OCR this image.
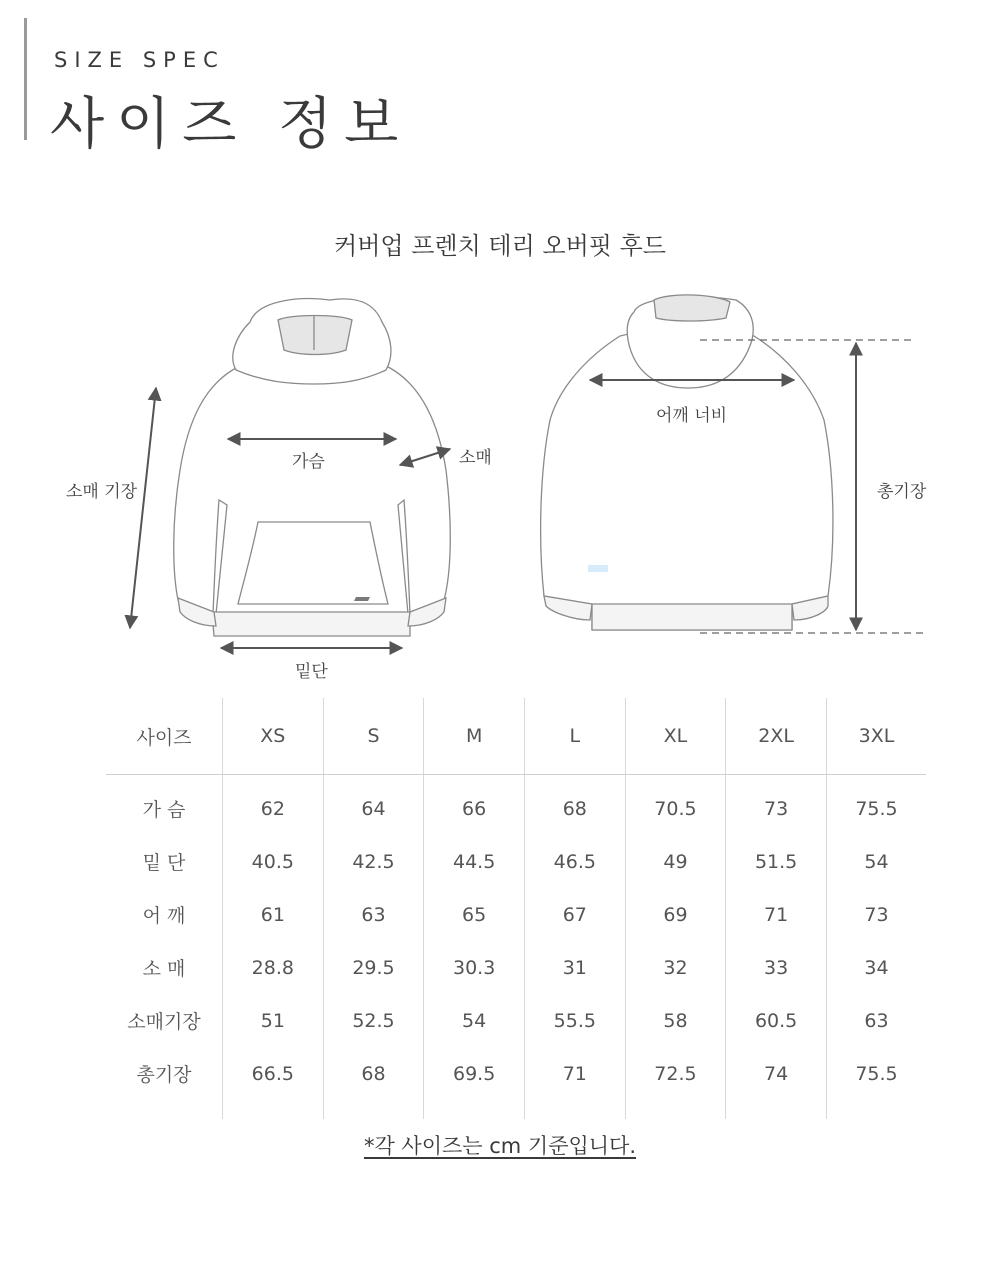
SIZE SPEC
사이즈 정보
커버업 프렌치 테리 오버핏 후드
가슴	소매
소매 기장
밑단
어깨 너비
총기장
사이즈	XS	S	M	L	XL	2XL	3XL
가 슴	62	64	66	68	70.5	73	75.5
밑 단	40.5	42.5	44.5	46.5	49	51.5	54
어 깨	61	63	65	67	69	71	73
소 매	28.8	29.5	30.3	31	32	33	34
소매기장	51	52.5	54	55.5	58	60.5	63
총기장	66.5	68	69.5	71	72.5	74	75.5
*각 사이즈는 cm 기준입니다.
